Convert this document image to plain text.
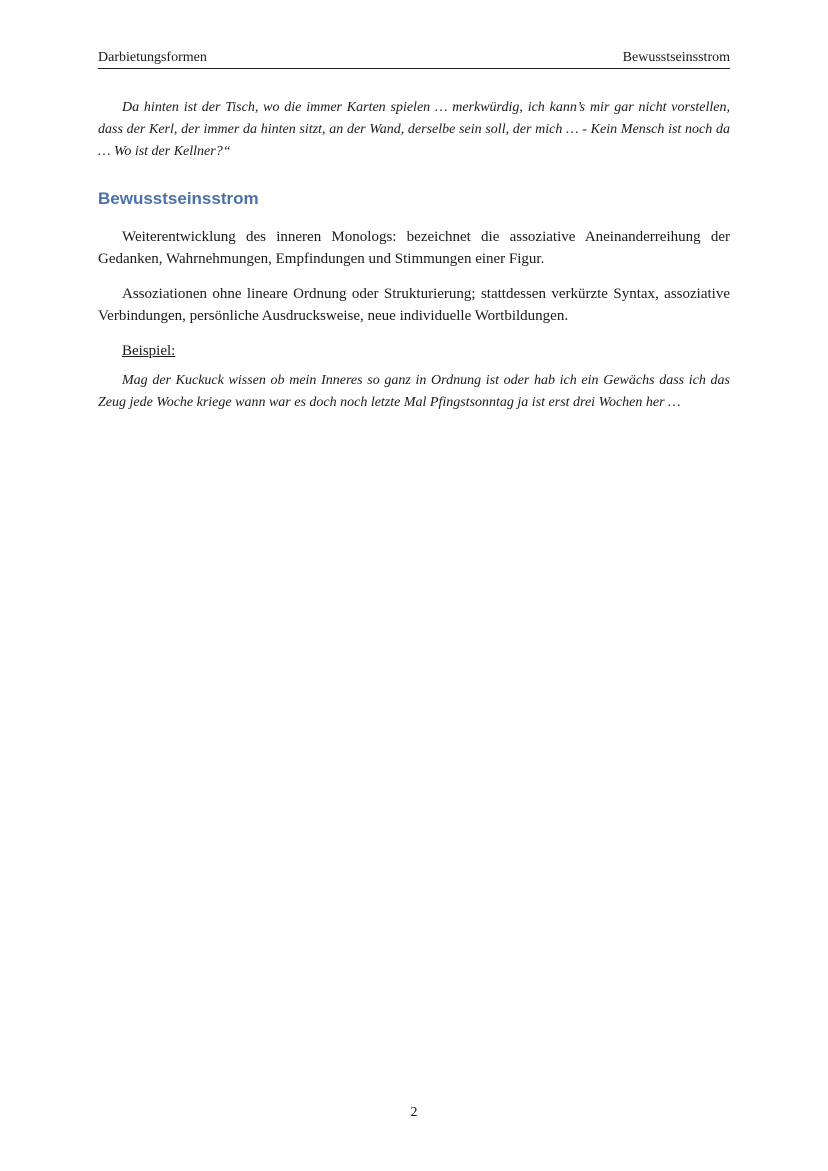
Darbietungsformen	Bewusstseinsstrom
Da hinten ist der Tisch, wo die immer Karten spielen … merkwürdig, ich kann’s mir gar nicht vorstellen, dass der Kerl, der immer da hinten sitzt, an der Wand, derselbe sein soll, der mich … - Kein Mensch ist noch da … Wo ist der Kellner?“
Bewusstseinsstrom
Weiterentwicklung des inneren Monologs: bezeichnet die assoziative Aneinanderreihung der Gedanken, Wahrnehmungen, Empfindungen und Stimmungen einer Figur.
Assoziationen ohne lineare Ordnung oder Strukturierung; stattdessen verkürzte Syntax, assoziative Verbindungen, persönliche Ausdrucksweise, neue individuelle Wortbildungen.
Beispiel:
Mag der Kuckuck wissen ob mein Inneres so ganz in Ordnung ist oder hab ich ein Gewächs dass ich das Zeug jede Woche kriege wann war es doch noch letzte Mal Pfingstsonntag ja ist erst drei Wochen her …
2
